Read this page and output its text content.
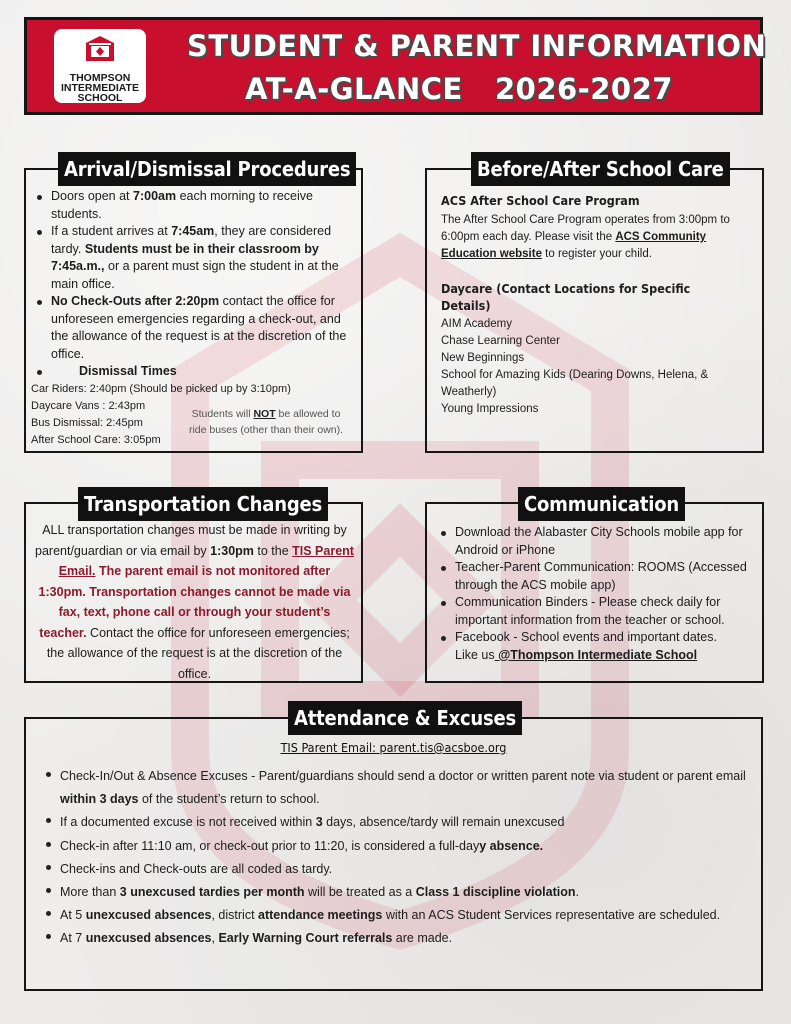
THOMPSON
INTERMEDIATE
SCHOOL
STUDENT & PARENT INFORMATION
AT-A-GLANCE 2026-2027
Doors open at 7:00am each morning to receive students.
If a student arrives at 7:45am, they are considered tardy. Students must be in their classroom by 7:45a.m., or a parent must sign the student in at the main office.
No Check-Outs after 2:20pm contact the office for unforeseen emergencies regarding a check-out, and the allowance of the request is at the discretion of the office.
Dismissal Times
Car Riders: 2:40pm (Should be picked up by 3:10pm)
Daycare Vans : 2:43pm
Bus Dismissal: 2:45pm
After School Care: 3:05pm
Students will NOT be allowed to ride buses (other than their own).
Arrival/Dismissal Procedures
ACS After School Care Program
The After School Care Program operates from 3:00pm to 6:00pm each day. Please visit the ACS Community Education website to register your child.
Daycare (Contact Locations for Specific Details)
AIM Academy
Chase Learning Center
New Beginnings
School for Amazing Kids (Dearing Downs, Helena, & Weatherly)
Young Impressions
Before/After School Care
ALL transportation changes must be made in writing by parent/guardian or via email by 1:30pm to the TIS Parent Email. The parent email is not monitored after 1:30pm. Transportation changes cannot be made via fax, text, phone call or through your student’s teacher. Contact the office for unforeseen emergencies; the allowance of the request is at the discretion of the office.
Transportation Changes
Download the Alabaster City Schools mobile app for Android or iPhone
Teacher-Parent Communication: ROOMS (Accessed through the ACS mobile app)
Communication Binders - Please check daily for important information from the teacher or school.
Facebook - School events and important dates.
Like us @Thompson Intermediate School
Communication
TIS Parent Email: parent.tis@acsboe.org
Check-In/Out & Absence Excuses - Parent/guardians should send a doctor or written parent note via student or parent email within 3 days of the student’s return to school.
If a documented excuse is not received within 3 days, absence/tardy will remain unexcused
Check-in after 11:10 am, or check-out prior to 11:20, is considered a full-dayy absence.
Check-ins and Check-outs are all coded as tardy.
More than 3 unexcused tardies per month will be treated as a Class 1 discipline violation.
At 5 unexcused absences, district attendance meetings with an ACS Student Services representative are scheduled.
At 7 unexcused absences, Early Warning Court referrals are made.
Attendance & Excuses
